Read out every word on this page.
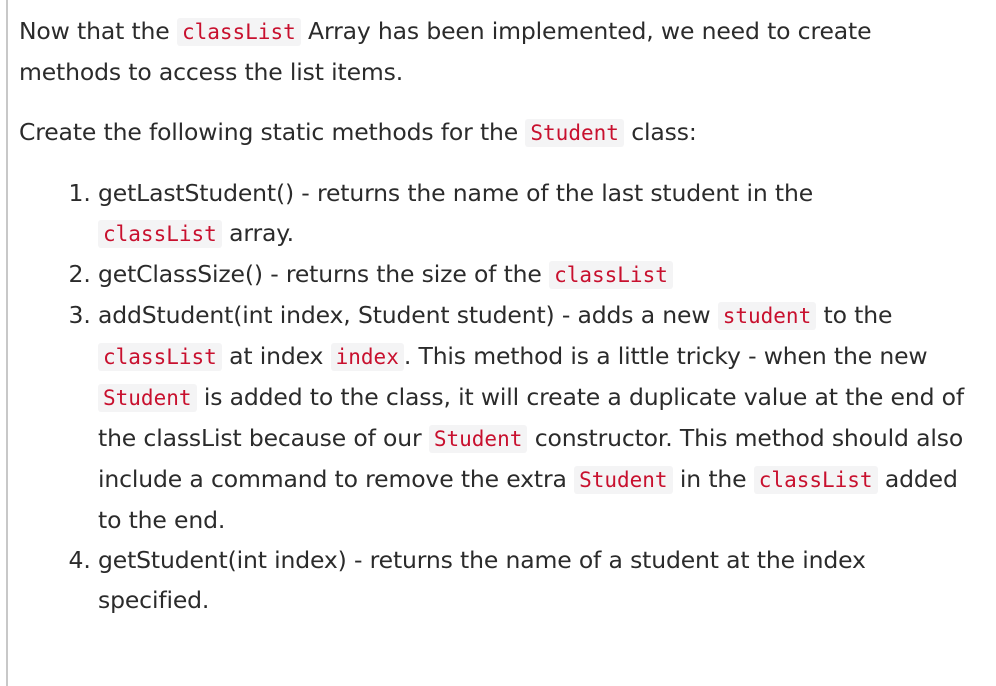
Now that the classList Array has been implemented, we need to create methods to access the list items.

Create the following static methods for the Student class:

1. getLastStudent() - returns the name of the last student in the
classList array.
2. getClassSize() - returns the size of the classList
3. addStudent(int index, Student student) - adds a new student to the classList at index index . This method is a little tricky - when the new Student is added to the class, it will create a duplicate value at the end of the classList because of our Student constructor. This method should also include a command to remove the extra Student in the classList added to the end.
4. getStudent(int index) - returns the name of a student at the index specified.
